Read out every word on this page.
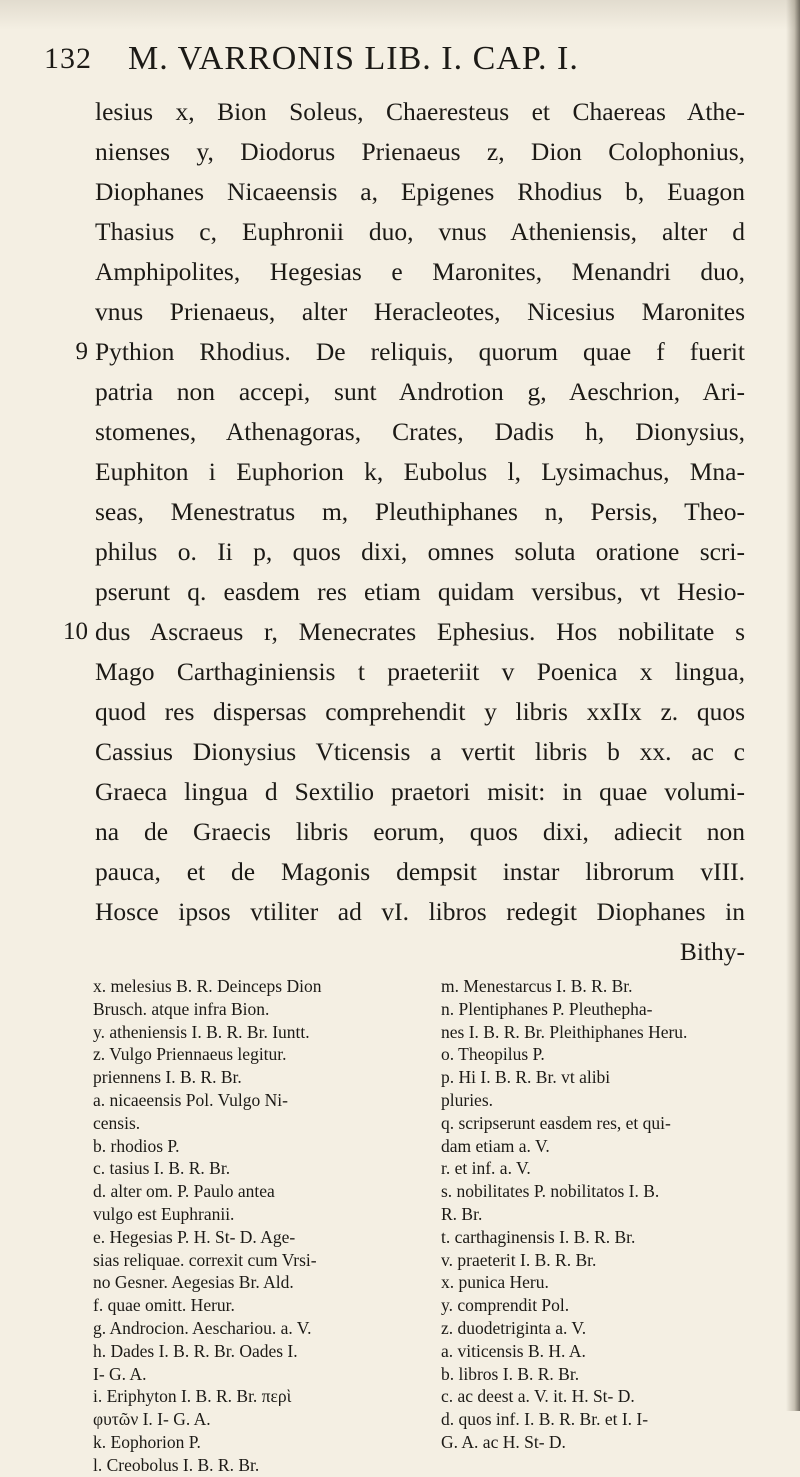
132 M. VARRONIS LIB. I. CAP. I.
lesius x, Bion Soleus, Chaeresteus et Chaereas Athe-
nienses y, Diodorus Prienaeus z, Dion Colophonius,
Diophanes Nicaeensis a, Epigenes Rhodius b, Euagon
Thasius c, Euphronii duo, vnus Atheniensis, alter d
Amphipolites, Hegesias e Maronites, Menandri duo,
vnus Prienaeus, alter Heracleotes, Nicesius Maronites
9 Pythion Rhodius. De reliquis, quorum quae f fuerit
patria non accepi, sunt Androtion g, Aeschrion, Ari-
stomenes, Athenagoras, Crates, Dadis h, Dionysius,
Euphiton i Euphorion k, Eubolus l, Lysimachus, Mna-
seas, Menestratus m, Pleuthiphanes n, Persis, Theo-
philus o. Ii p, quos dixi, omnes soluta oratione scri-
pserunt q. easdem res etiam quidam versibus, vt Hesio-
10 dus Ascraeus r, Menecrates Ephesius. Hos nobilitate s
Mago Carthaginiensis t praeteriit v Poenica x lingua,
quod res dispersas comprehendit y libris xxIIx z. quos
Cassius Dionysius Vticensis a vertit libris b xx. ac c
Graeca lingua d Sextilio praetori misit: in quae volumi-
na de Graecis libris eorum, quos dixi, adiecit non
pauca, et de Magonis dempsit instar librorum vIII.
Hosce ipsos vtiliter ad vI. libros redegit Diophanes in
Bithy-
x. melesius B. R. Deinceps Dion
Brusch. atque infra Bion.
y. atheniensis I. B. R. Br. Iuntt.
z. Vulgo Priennaeus legitur.
priennens I. B. R. Br.
a. nicaeensis Pol. Vulgo Ni-
censis.
b. rhodios P.
c. tasius I. B. R. Br.
d. alter om. P. Paulo antea
vulgo est Euphranii.
e. Hegesias P. H. St- D. Age-
sias reliquae. correxit cum Vrsi-
no Gesner. Aegesias Br. Ald.
f. quae omitt. Herur.
g. Androcion. Aeschariou. a. V.
h. Dades I. B. R. Br. Oades I.
I- G. A.
i. Eriphyton I. B. R. Br. περὶ
φυτῶν I. I- G. A.
k. Eophorion P.
l. Creobolus I. B. R. Br.
m. Menestarcus I. B. R. Br.
n. Plentiphanes P. Pleuthepha-
nes I. B. R. Br. Pleithiphanes Heru.
o. Theopilus P.
p. Hi I. B. R. Br. vt alibi
pluries.
q. scripserunt easdem res, et qui-
dam etiam a. V.
r. et inf. a. V.
s. nobilitates P. nobilitatos I. B.
R. Br.
t. carthaginensis I. B. R. Br.
v. praeterit I. B. R. Br.
x. punica Heru.
y. comprendit Pol.
z. duodetriginta a. V.
a. viticensis B. H. A.
b. libros I. B. R. Br.
c. ac deest a. V. it. H. St- D.
d. quos inf. I. B. R. Br. et I. I-
G. A. ac H. St- D.
